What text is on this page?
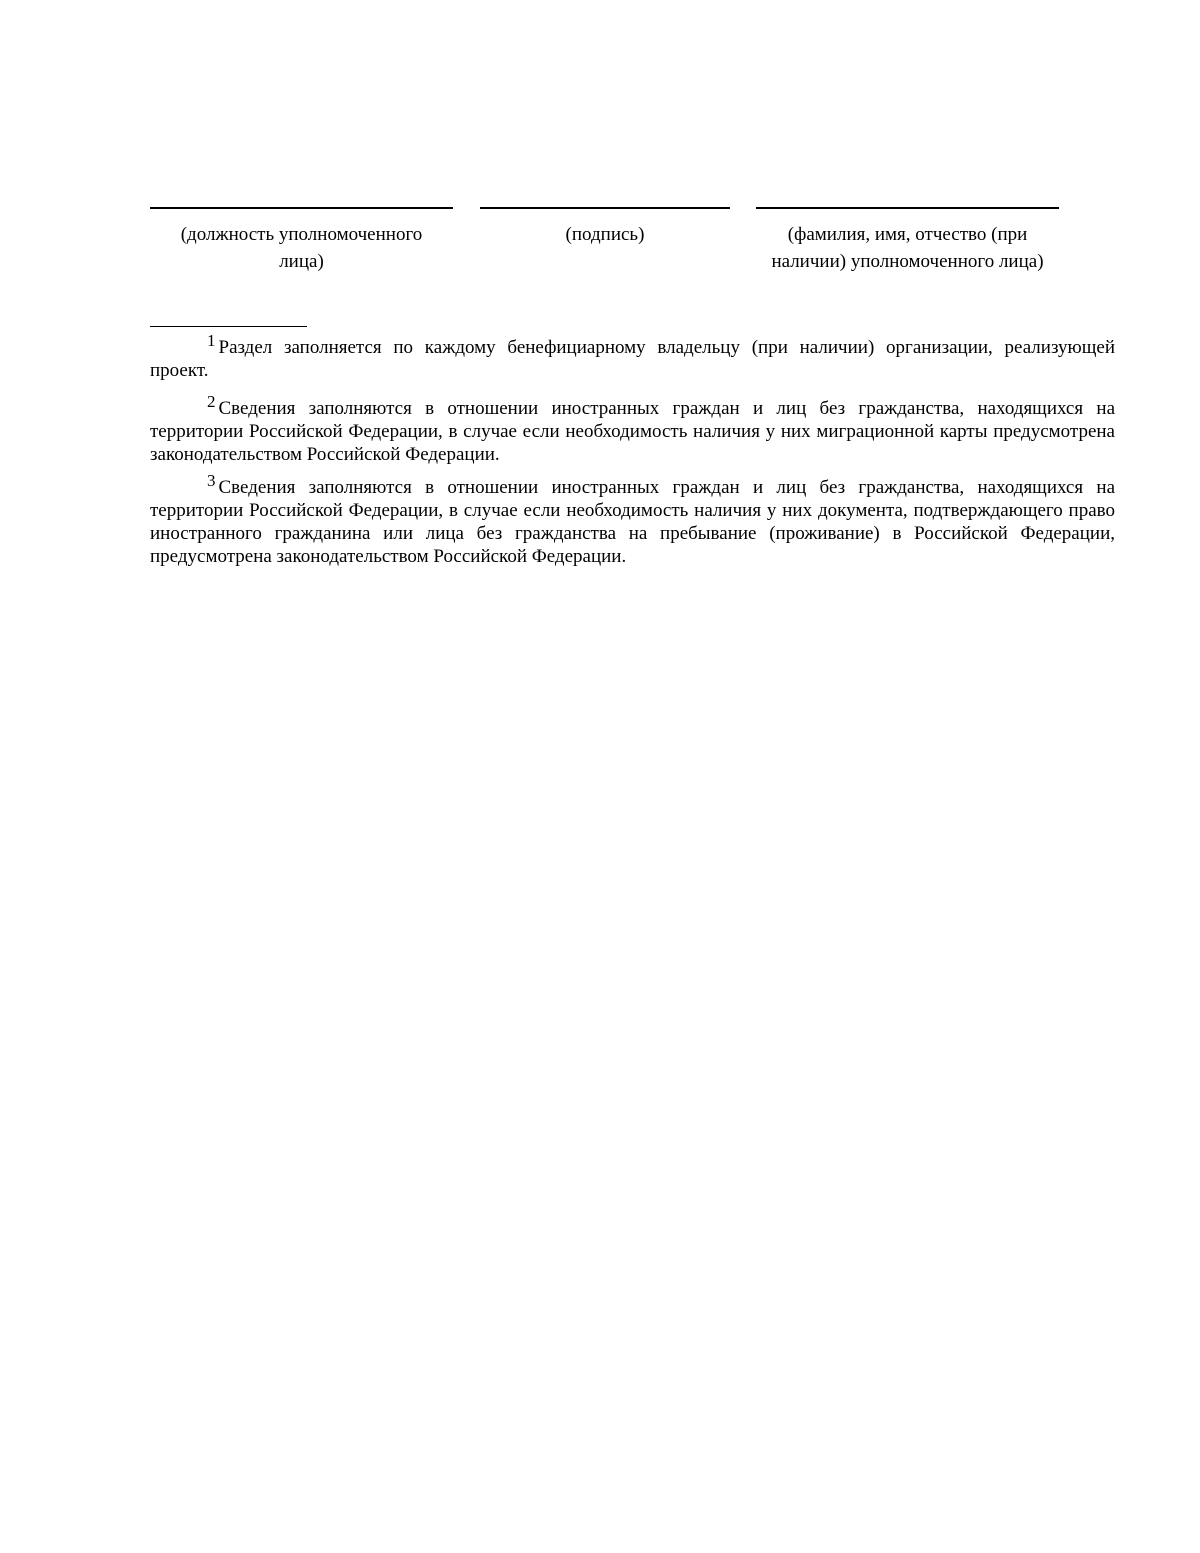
(должность уполномоченного лица)
(подпись)	(фамилия, имя, отчество (при наличии) уполномоченного лица)

1 Раздел заполняется по каждому бенефициарному владельцу (при наличии) организации, реализующей проект.

2 Сведения заполняются в отношении иностранных граждан и лиц без гражданства, находящихся на территории Российской Федерации, в случае если необходимость наличия у них миграционной карты предусмотрена законодательством Российской Федерации.

3 Сведения заполняются в отношении иностранных граждан и лиц без гражданства, находящихся на территории Российской Федерации, в случае если необходимость наличия у них документа, подтверждающего право иностранного гражданина или лица без гражданства на пребывание (проживание) в Российской Федерации, предусмотрена законодательством Российской Федерации.
